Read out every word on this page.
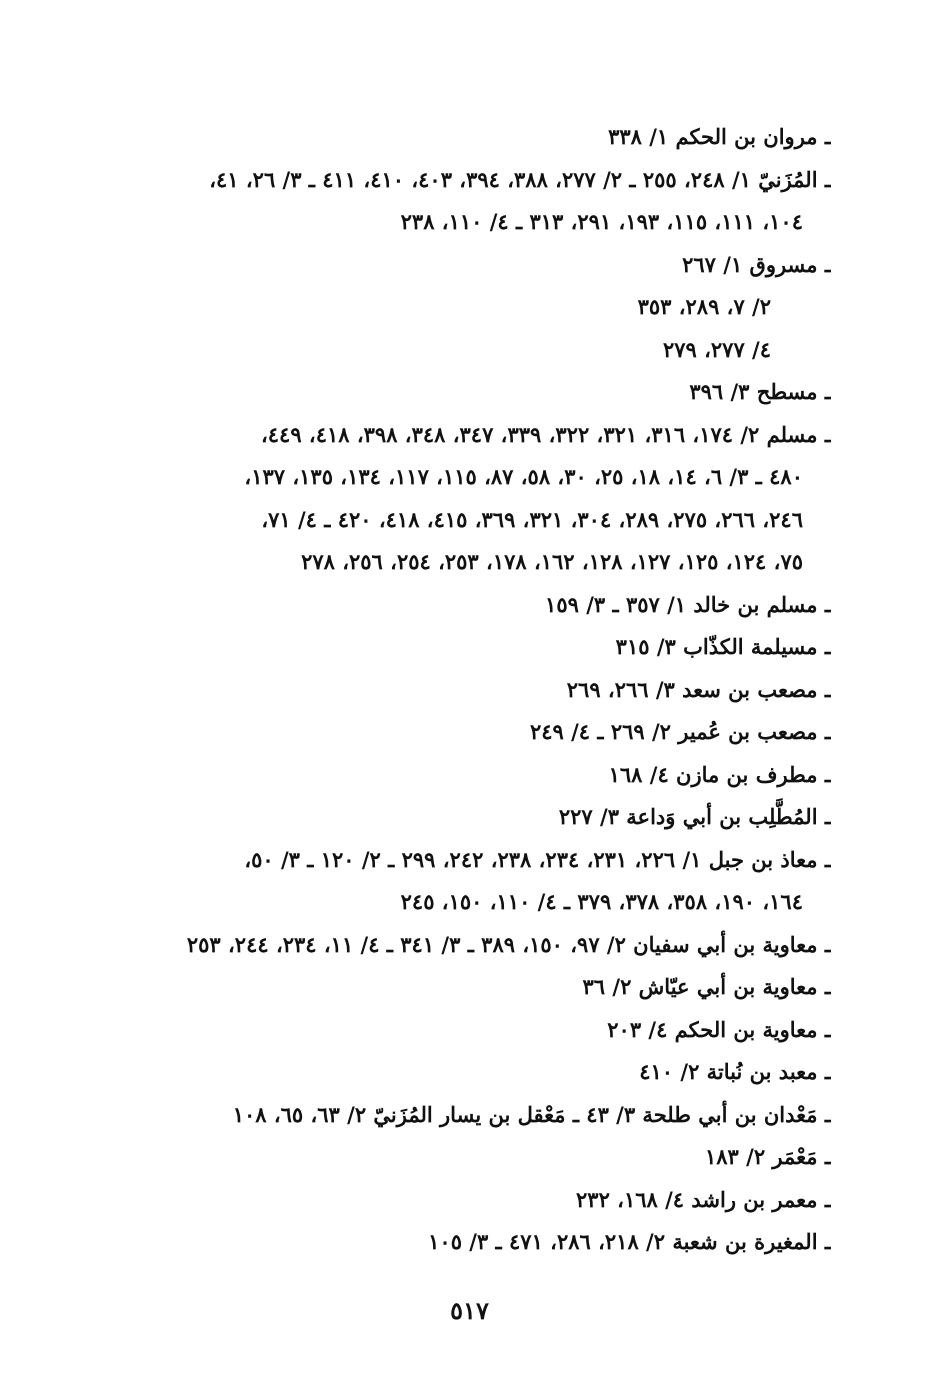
ـ مروان بن الحكم ١/ ٣٣٨
ـ المُزَنيّ ١/ ٢٤٨، ٢٥٥ ـ ٢/ ٢٧٧، ٣٨٨، ٣٩٤، ٤٠٣، ٤١٠، ٤١١ ـ ٣/ ٢٦، ٤١،
١٠٤، ١١١، ١١٥، ١٩٣، ٢٩١، ٣١٣ ـ ٤/ ١١٠، ٢٣٨
ـ مسروق ١/ ٢٦٧
٢/ ٧، ٢٨٩، ٣٥٣
٤/ ٢٧٧، ٢٧٩
ـ مسطح ٣/ ٣٩٦
ـ مسلم ٢/ ١٧٤، ٣١٦، ٣٢١، ٣٢٢، ٣٣٩، ٣٤٧، ٣٤٨، ٣٩٨، ٤١٨، ٤٤٩،
٤٨٠ ـ ٣/ ٦، ١٤، ١٨، ٢٥، ٣٠، ٥٨، ٨٧، ١١٥، ١١٧، ١٣٤، ١٣٥، ١٣٧،
٢٤٦، ٢٦٦، ٢٧٥، ٢٨٩، ٣٠٤، ٣٢١، ٣٦٩، ٤١٥، ٤١٨، ٤٢٠ ـ ٤/ ٧١،
٧٥، ١٢٤، ١٢٥، ١٢٧، ١٢٨، ١٦٢، ١٧٨، ٢٥٣، ٢٥٤، ٢٥٦، ٢٧٨
ـ مسلم بن خالد ١/ ٣٥٧ ـ ٣/ ١٥٩
ـ مسيلمة الكذّاب ٣/ ٣١٥
ـ مصعب بن سعد ٣/ ٢٦٦، ٢٦٩
ـ مصعب بن عُمير ٢/ ٢٦٩ ـ ٤/ ٢٤٩
ـ مطرف بن مازن ٤/ ١٦٨
ـ المُطَّلِب بن أبي وَداعة ٣/ ٢٢٧
ـ معاذ بن جبل ١/ ٢٢٦، ٢٣١، ٢٣٤، ٢٣٨، ٢٤٢، ٢٩٩ ـ ٢/ ١٢٠ ـ ٣/ ٥٠،
١٦٤، ١٩٠، ٣٥٨، ٣٧٨، ٣٧٩ ـ ٤/ ١١٠، ١٥٠، ٢٤٥
ـ معاوية بن أبي سفيان ٢/ ٩٧، ١٥٠، ٣٨٩ ـ ٣/ ٣٤١ ـ ٤/ ١١، ٢٣٤، ٢٤٤، ٢٥٣
ـ معاوية بن أبي عيّاش ٢/ ٣٦
ـ معاوية بن الحكم ٤/ ٢٠٣
ـ معبد بن نُباتة ٢/ ٤١٠
ـ مَعْدان بن أبي طلحة ٣/ ٤٣ ـ مَعْقل بن يسار المُزَنيّ ٢/ ٦٣، ٦٥، ١٠٨
ـ مَعْمَر ٢/ ١٨٣
ـ معمر بن راشد ٤/ ١٦٨، ٢٣٢
ـ المغيرة بن شعبة ٢/ ٢١٨، ٢٨٦، ٤٧١ ـ ٣/ ١٠٥
٥١٧
